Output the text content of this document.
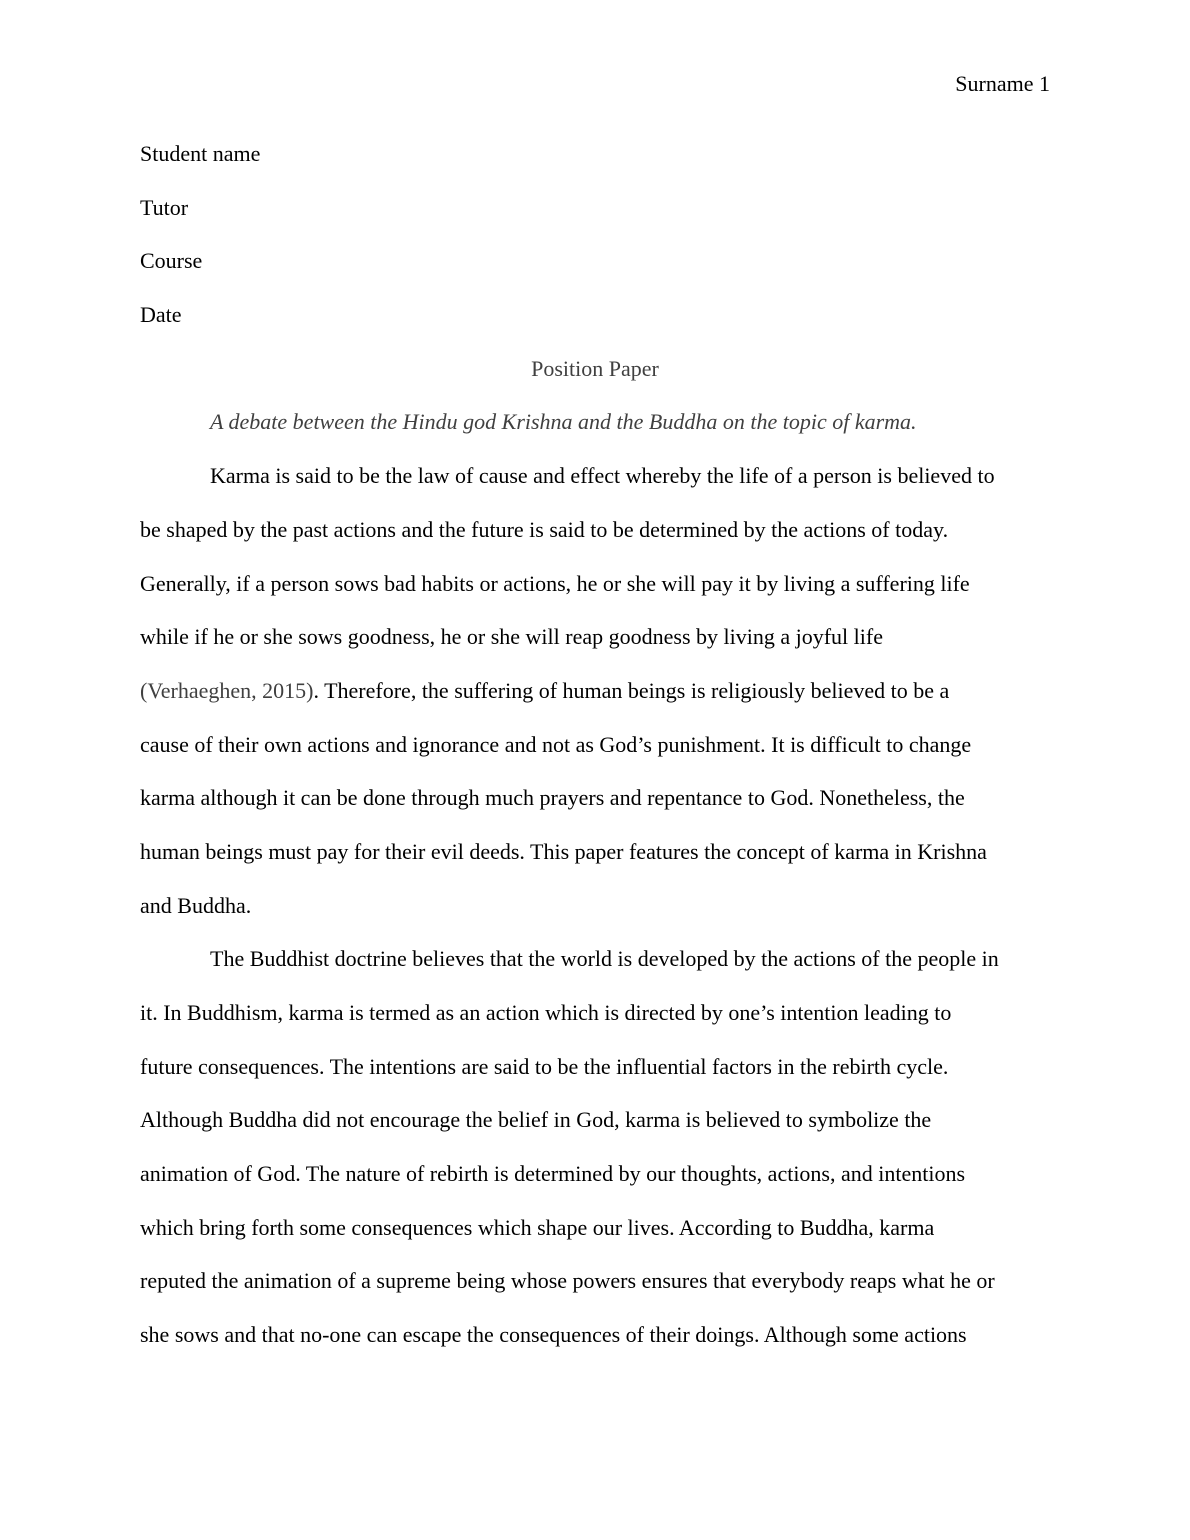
Surname 1
Student name
Tutor
Course
Date
Position Paper
A debate between the Hindu god Krishna and the Buddha on the topic of karma.
Karma is said to be the law of cause and effect whereby the life of a person is believed to
be shaped by the past actions and the future is said to be determined by the actions of today.
Generally, if a person sows bad habits or actions, he or she will pay it by living a suffering life
while if he or she sows goodness, he or she will reap goodness by living a joyful life
(Verhaeghen, 2015). Therefore, the suffering of human beings is religiously believed to be a
cause of their own actions and ignorance and not as God’s punishment. It is difficult to change
karma although it can be done through much prayers and repentance to God. Nonetheless, the
human beings must pay for their evil deeds. This paper features the concept of karma in Krishna
and Buddha.
The Buddhist doctrine believes that the world is developed by the actions of the people in
it. In Buddhism, karma is termed as an action which is directed by one’s intention leading to
future consequences. The intentions are said to be the influential factors in the rebirth cycle.
Although Buddha did not encourage the belief in God, karma is believed to symbolize the
animation of God. The nature of rebirth is determined by our thoughts, actions, and intentions
which bring forth some consequences which shape our lives. According to Buddha, karma
reputed the animation of a supreme being whose powers ensures that everybody reaps what he or
she sows and that no-one can escape the consequences of their doings. Although some actions
